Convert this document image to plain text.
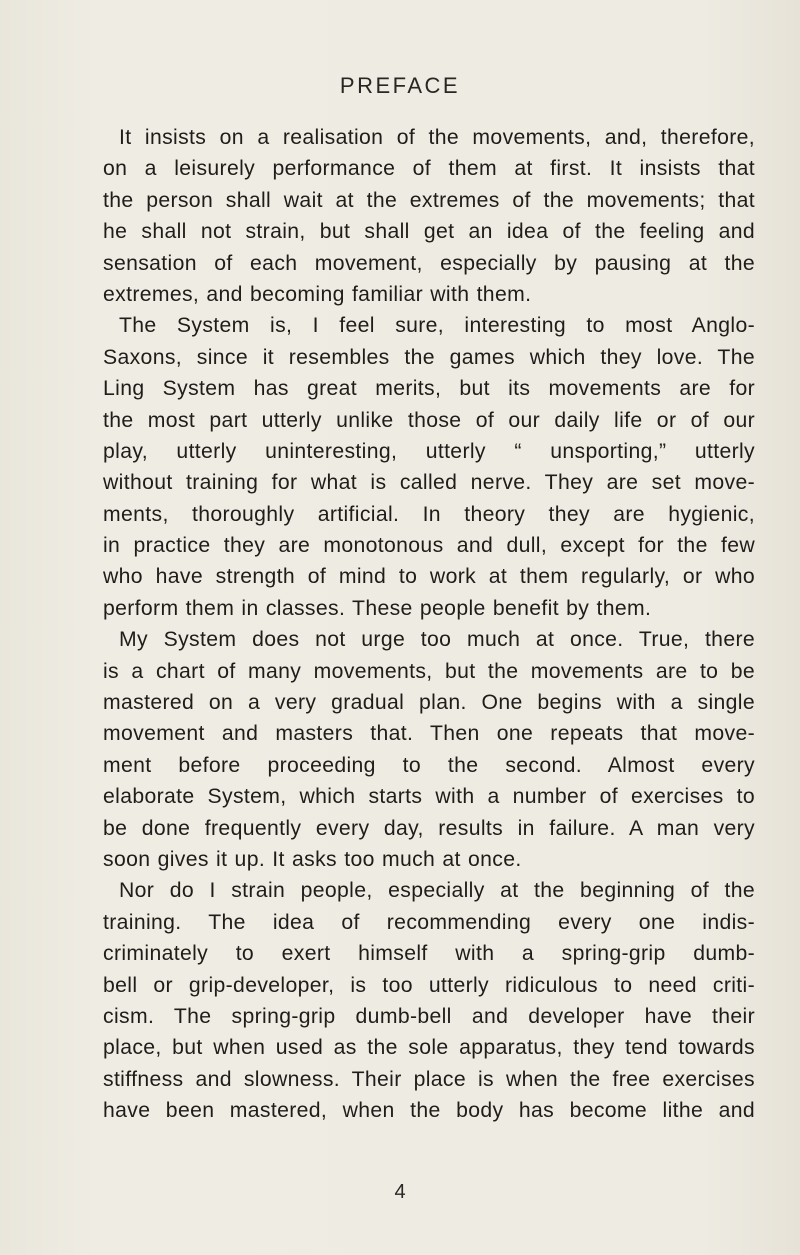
PREFACE
It insists on a realisation of the movements, and, therefore,
on a leisurely performance of them at first. It insists that
the person shall wait at the extremes of the movements; that
he shall not strain, but shall get an idea of the feeling and
sensation of each movement, especially by pausing at the
extremes, and becoming familiar with them.
The System is, I feel sure, interesting to most Anglo-
Saxons, since it resembles the games which they love. The
Ling System has great merits, but its movements are for
the most part utterly unlike those of our daily life or of our
play, utterly uninteresting, utterly “ unsporting,” utterly
without training for what is called nerve. They are set move-
ments, thoroughly artificial. In theory they are hygienic,
in practice they are monotonous and dull, except for the few
who have strength of mind to work at them regularly, or who
perform them in classes. These people benefit by them.
My System does not urge too much at once. True, there
is a chart of many movements, but the movements are to be
mastered on a very gradual plan. One begins with a single
movement and masters that. Then one repeats that move-
ment before proceeding to the second. Almost every
elaborate System, which starts with a number of exercises to
be done frequently every day, results in failure. A man very
soon gives it up. It asks too much at once.
Nor do I strain people, especially at the beginning of the
training. The idea of recommending every one indis-
criminately to exert himself with a spring-grip dumb-
bell or grip-developer, is too utterly ridiculous to need criti-
cism. The spring-grip dumb-bell and developer have their
place, but when used as the sole apparatus, they tend towards
stiffness and slowness. Their place is when the free exercises
have been mastered, when the body has become lithe and
4
